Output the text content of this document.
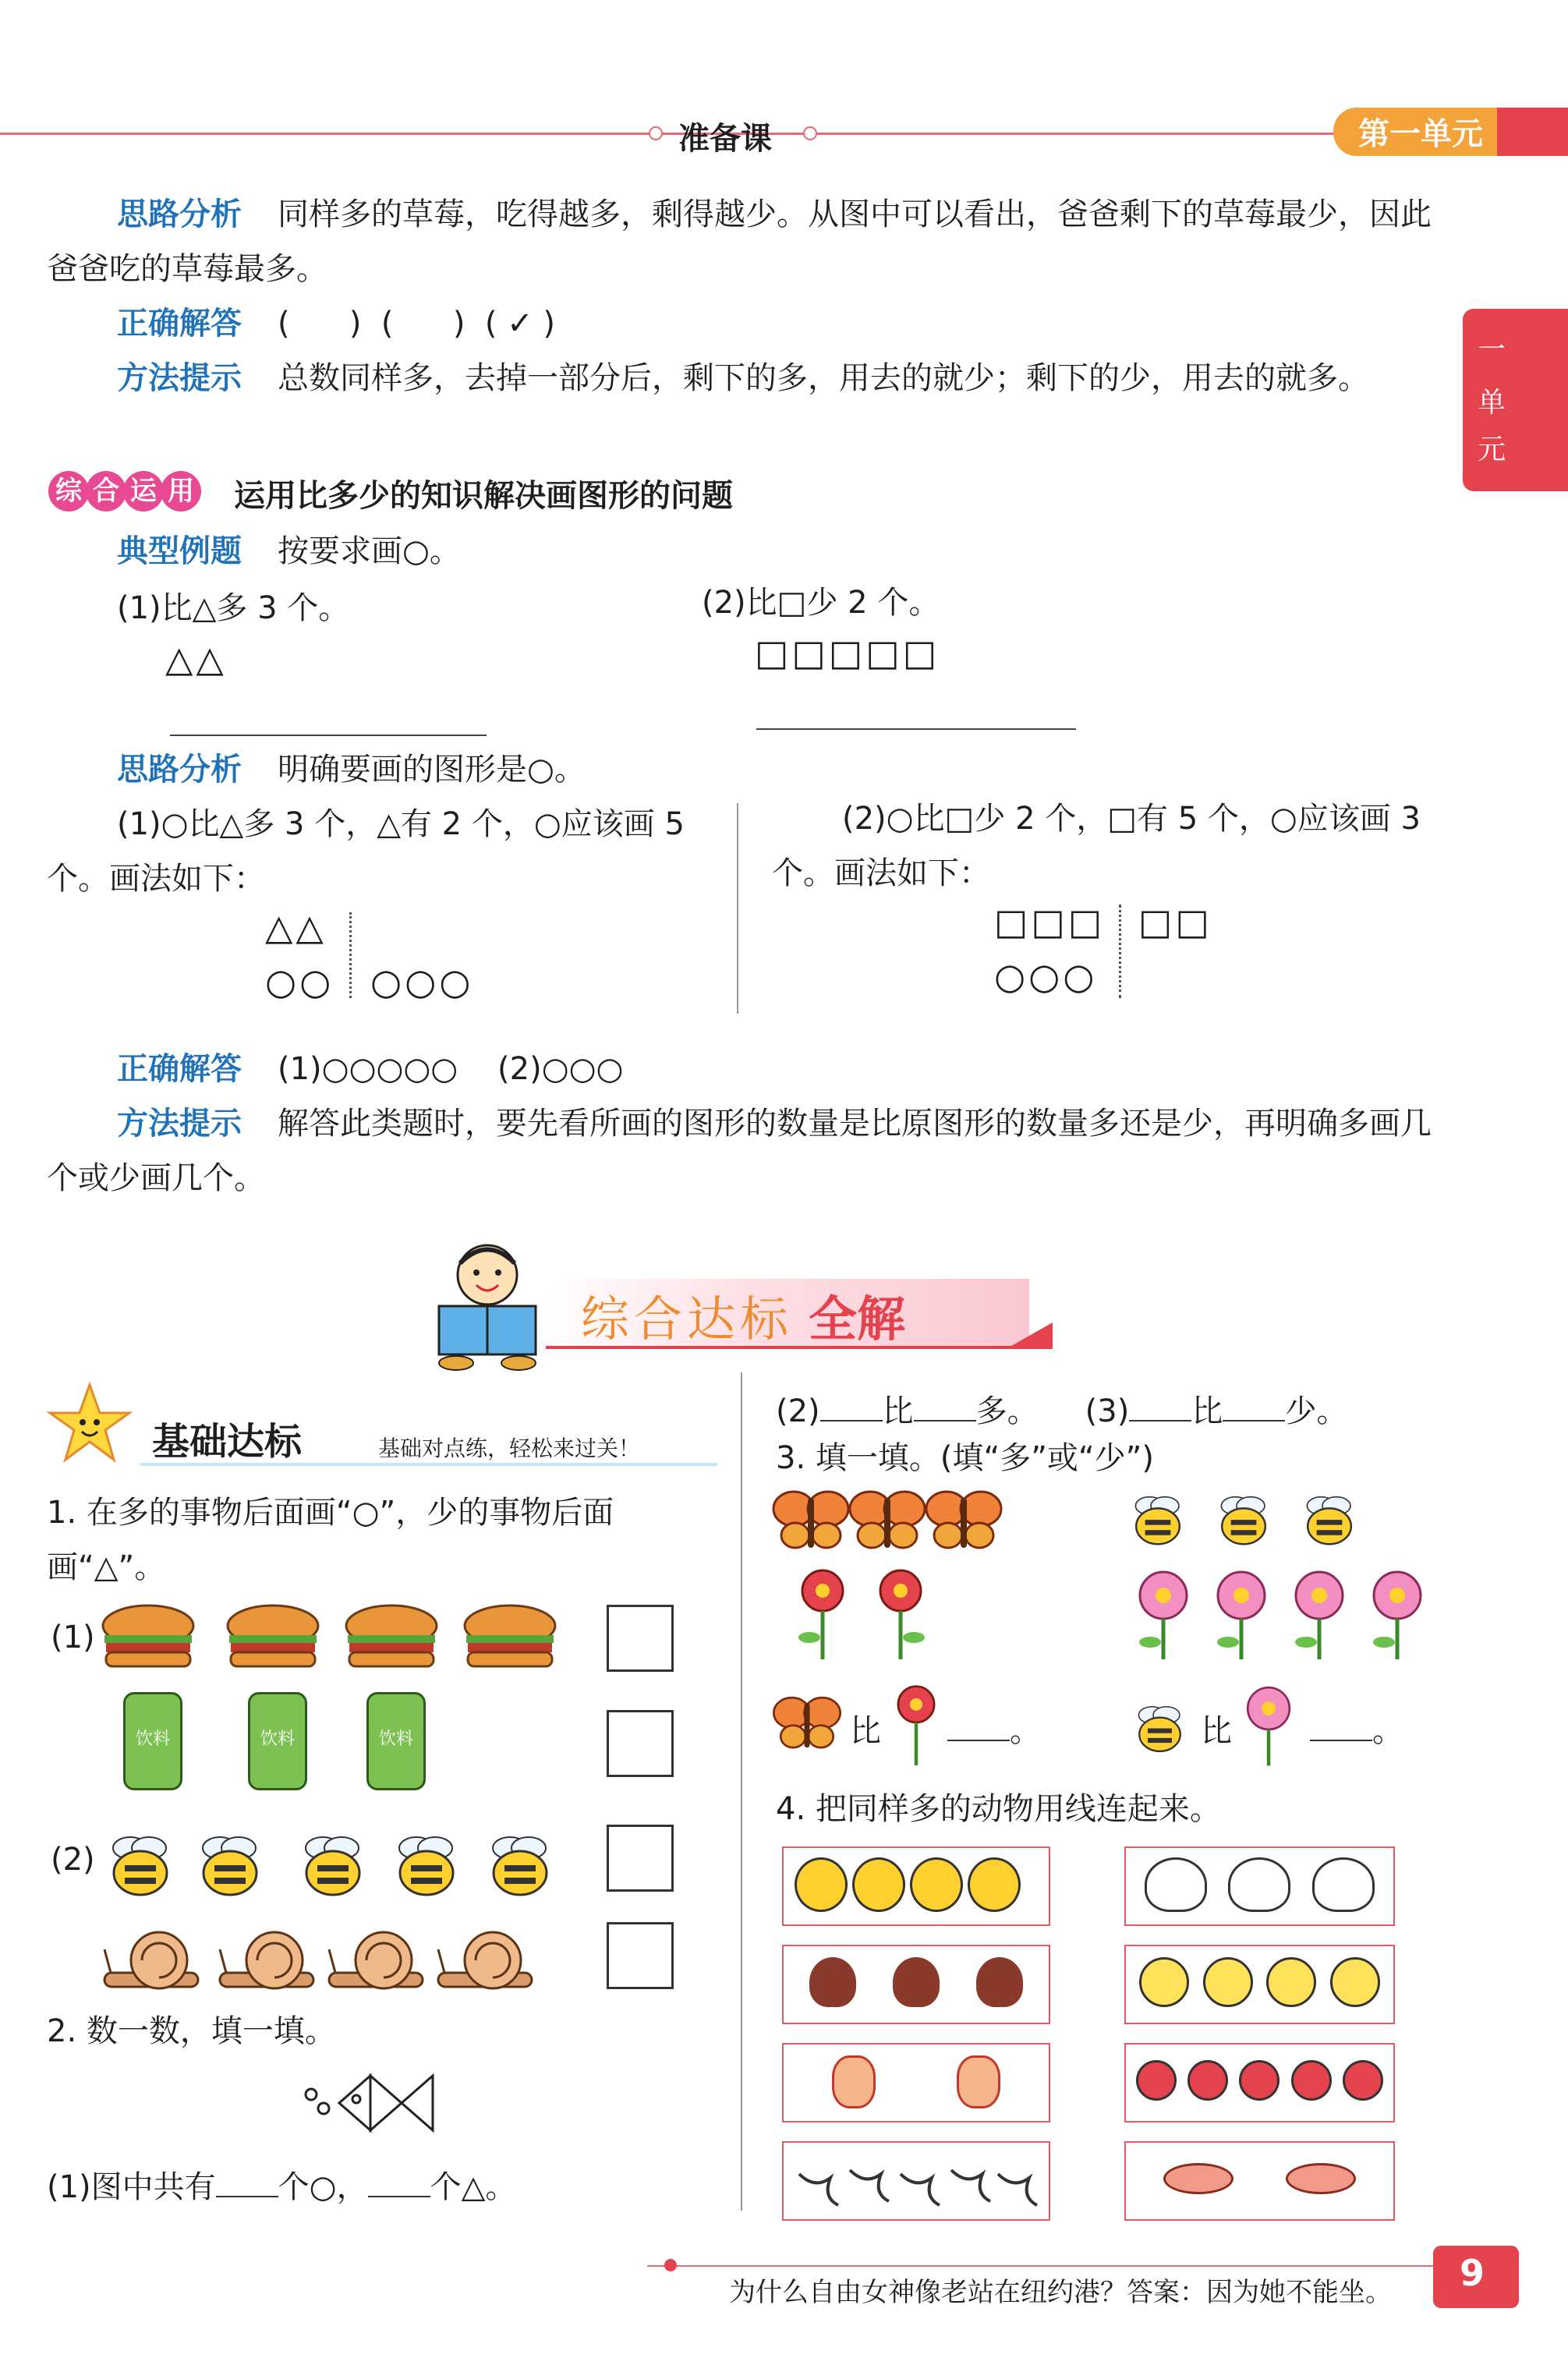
准备课	第一单元
一
单
元
思路分析 同样多的草莓，吃得越多，剩得越少。从图中可以看出，爸爸剩下的草莓最少，因此爸爸吃的草莓最多。
正确解答 (      )  (      )  ( ✓ )
方法提示 总数同样多，去掉一部分后，剩下的多，用去的就少；剩下的少，用去的就多。
综 合 运 用 运用比多少的知识解决画图形的问题
典型例题 按要求画○。
(1)比△多 3 个。
△△
(2)比□少 2 个。
□□□□□
思路分析 明确要画的图形是○。
(1)○比△多 3 个，△有 2 个，○应该画 5 个。画法如下：
△△
○○ ○○○
(2)○比□少 2 个，□有 5 个，○应该画 3 个。画法如下：
□□□ □□
○○○
正确解答 (1)○○○○○    (2)○○○
方法提示 解答此类题时，要先看所画的图形的数量是比原图形的数量多还是少，再明确多画几个或少画几个。
综合达标 全解
基础达标	基础对点练，轻松来过关！
1. 在多的事物后面画“○”，少的事物后面画“△”。
(1)
饮料	饮料	饮料
(2)
2. 数一数，填一填。
(1)图中共有 个○， 个△。
(2) 比 多。 (3) 比 少。
3. 填一填。(填“多”或“少”)
比	。	比	。
4. 把同样多的动物用线连起来。
为什么自由女神像老站在纽约港？答案：因为她不能坐。 9
